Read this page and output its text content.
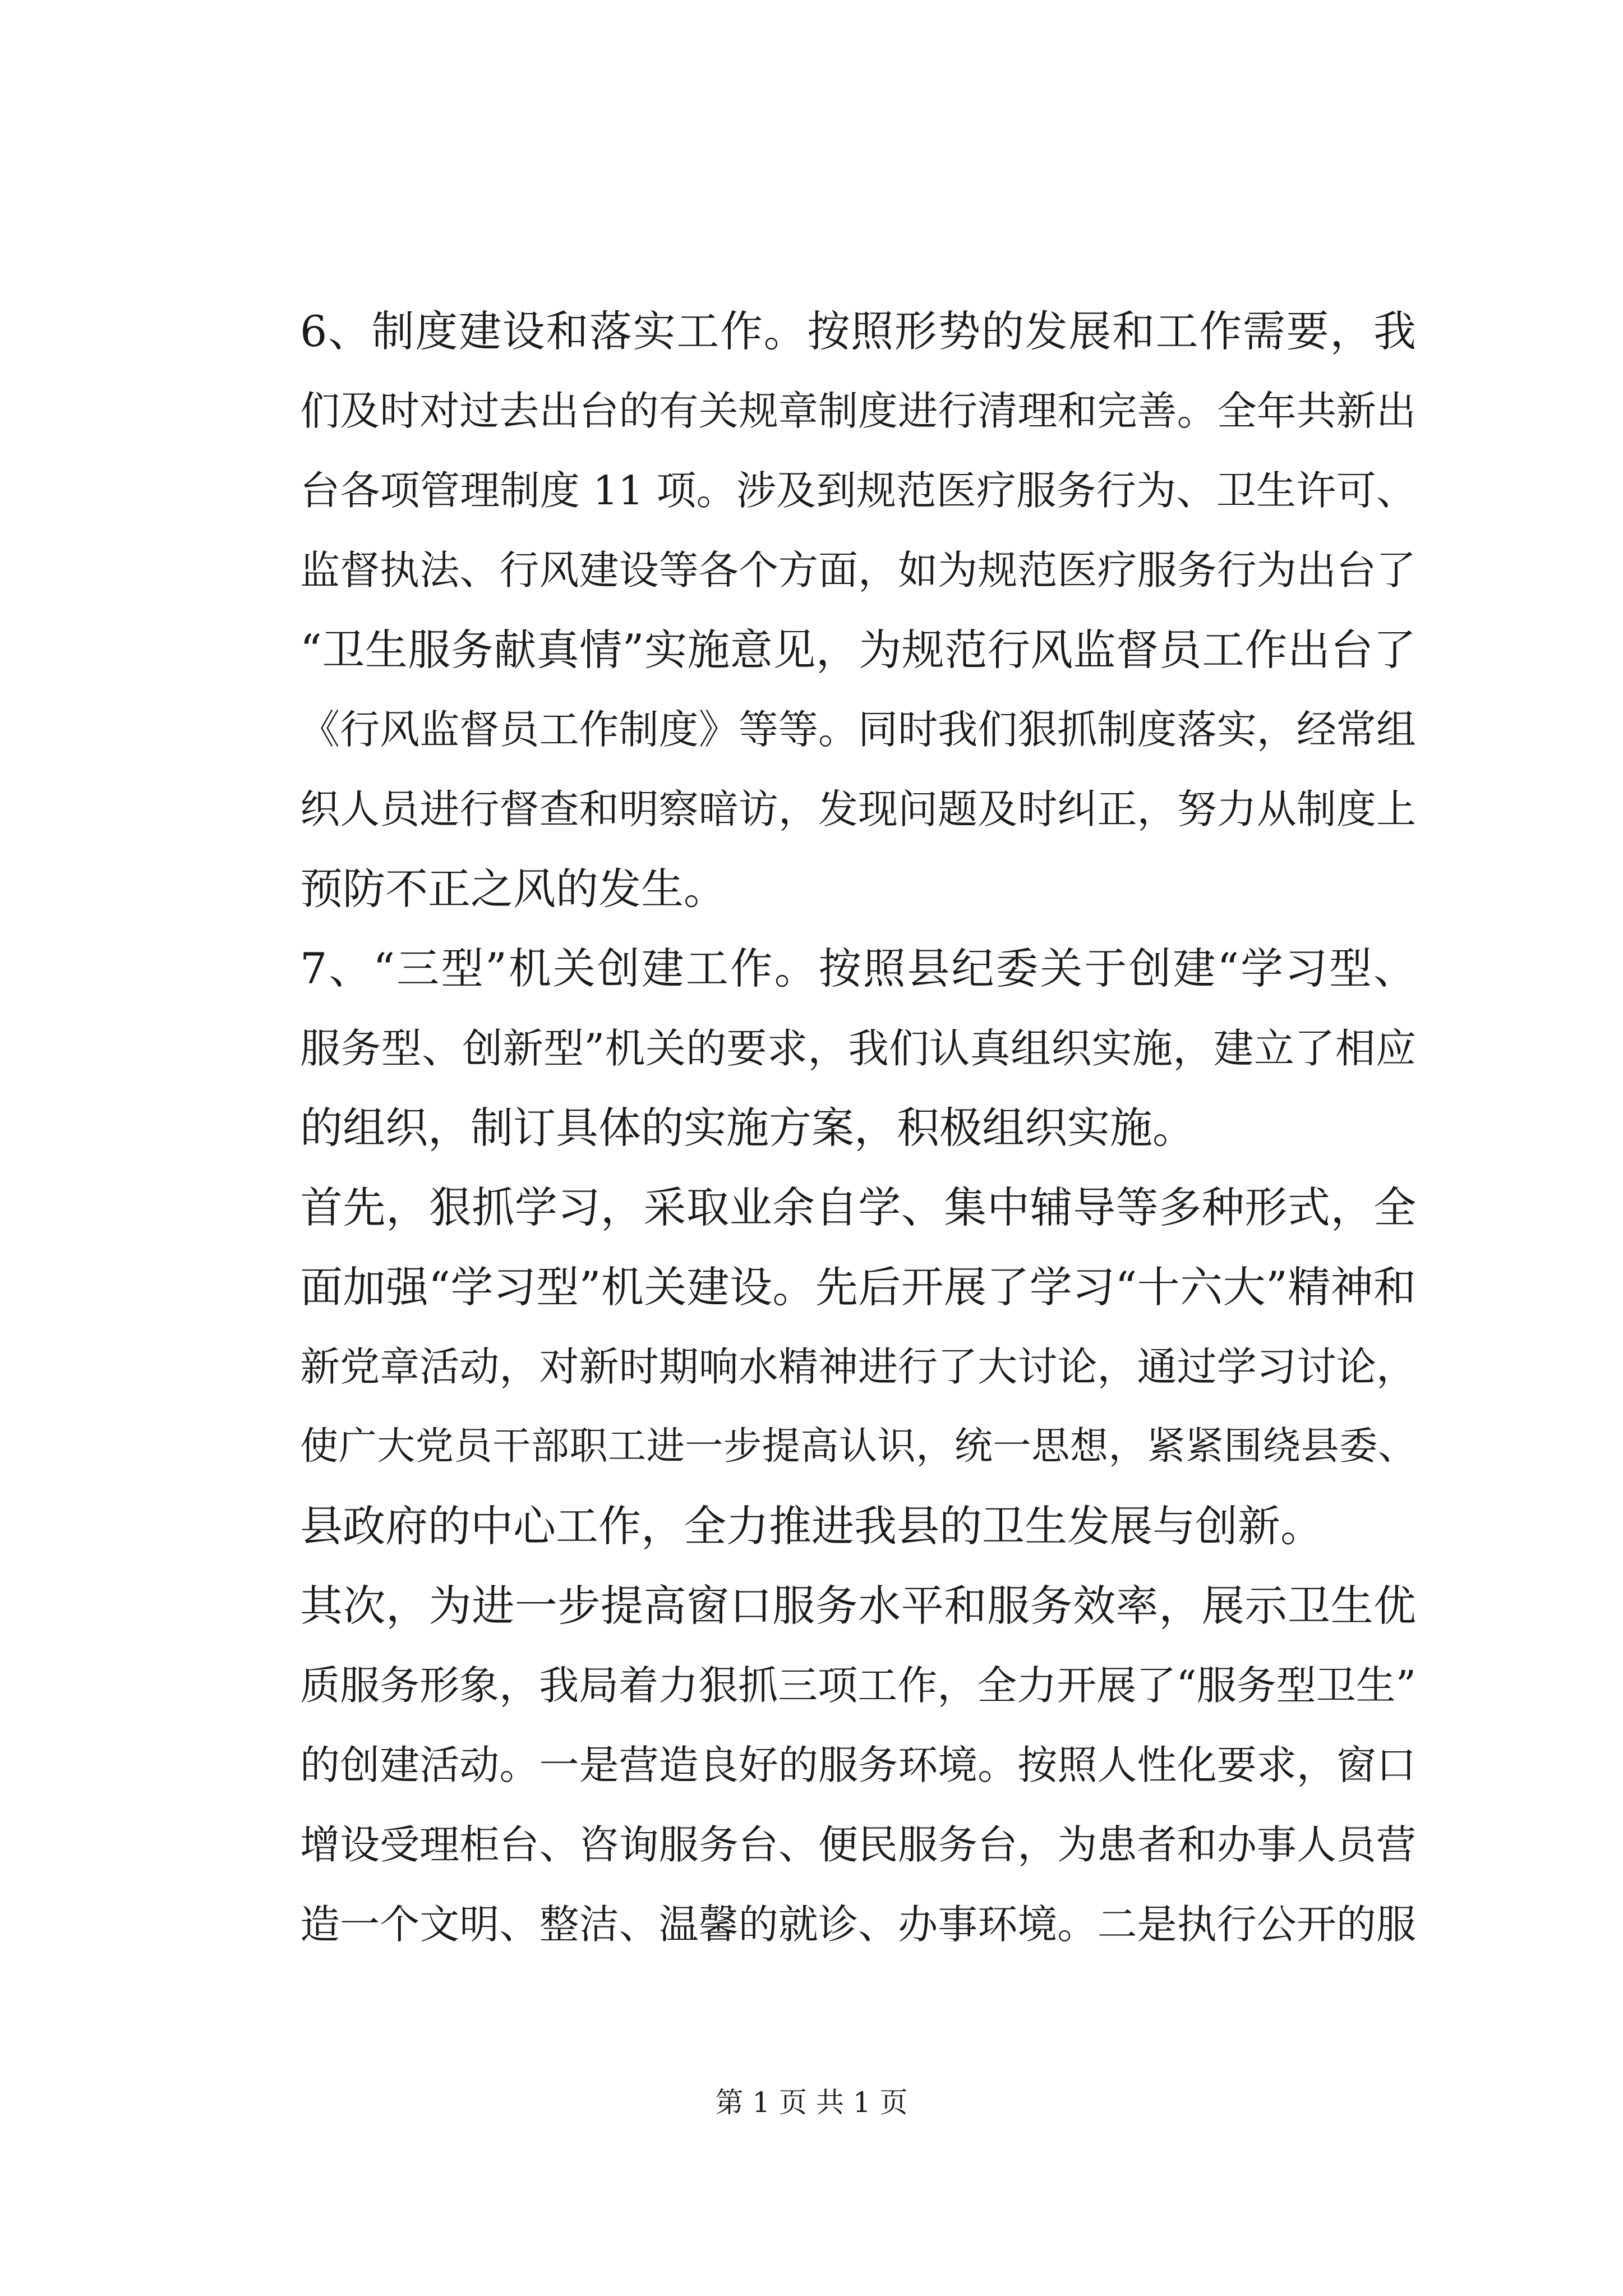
6、制度建设和落实工作。按照形势的发展和工作需要，我
们及时对过去出台的有关规章制度进行清理和完善。全年共新出
台各项管理制度 11 项。涉及到规范医疗服务行为、卫生许可、
监督执法、行风建设等各个方面，如为规范医疗服务行为出台了
“卫生服务献真情”实施意见，为规范行风监督员工作出台了
《行风监督员工作制度》等等。同时我们狠抓制度落实，经常组
织人员进行督查和明察暗访，发现问题及时纠正，努力从制度上
预防不正之风的发生。
7、“三型”机关创建工作。按照县纪委关于创建“学习型、
服务型、创新型”机关的要求，我们认真组织实施，建立了相应
的组织，制订具体的实施方案，积极组织实施。
首先，狠抓学习，采取业余自学、集中辅导等多种形式，全
面加强“学习型”机关建设。先后开展了学习“十六大”精神和
新党章活动，对新时期响水精神进行了大讨论，通过学习讨论，
使广大党员干部职工进一步提高认识，统一思想，紧紧围绕县委、
县政府的中心工作，全力推进我县的卫生发展与创新。
其次，为进一步提高窗口服务水平和服务效率，展示卫生优
质服务形象，我局着力狠抓三项工作，全力开展了“服务型卫生”
的创建活动。一是营造良好的服务环境。按照人性化要求，窗口
增设受理柜台、咨询服务台、便民服务台，为患者和办事人员营
造一个文明、整洁、温馨的就诊、办事环境。二是执行公开的服
第 1 页 共 1 页
